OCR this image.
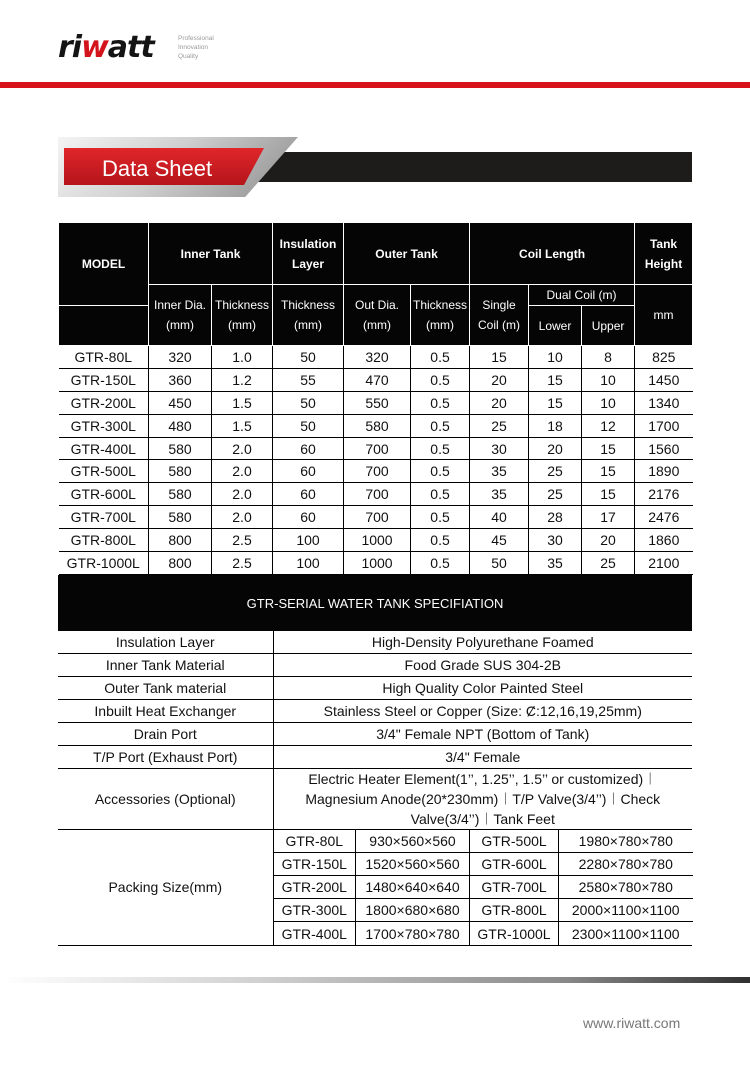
riwatt	Professional
Innovation
Quality
Data Sheet
MODEL	Inner Tank		Insulation Layer	Outer Tank		Coil Length			Tank Height
	Inner Dia. (mm)	Thickness (mm)	Thickness (mm)	Out Dia. (mm)	Thickness (mm)	Single Coil (m)	Dual Coil (m)		mm
							Lower	Upper	
GTR-80L	320	1.0	50	320	0.5	15	10	8	825
GTR-150L	360	1.2	55	470	0.5	20	15	10	1450
GTR-200L	450	1.5	50	550	0.5	20	15	10	1340
GTR-300L	480	1.5	50	580	0.5	25	18	12	1700
GTR-400L	580	2.0	60	700	0.5	30	20	15	1560
GTR-500L	580	2.0	60	700	0.5	35	25	15	1890
GTR-600L	580	2.0	60	700	0.5	35	25	15	2176
GTR-700L	580	2.0	60	700	0.5	40	28	17	2476
GTR-800L	800	2.5	100	1000	0.5	45	30	20	1860
GTR-1000L	800	2.5	100	1000	0.5	50	35	25	2100
GTR-SERIAL WATER TANK SPECIFIATION
Insulation Layer	High-Density Polyurethane Foamed
Inner Tank Material	Food Grade SUS 304-2B
Outer Tank material	High Quality Color Painted Steel
Inbuilt Heat Exchanger	Stainless Steel or Copper (Size: Ȼ:12,16,19,25mm)
Drain Port	3/4" Female NPT (Bottom of Tank)
T/P Port (Exhaust Port)	3/4" Female
Accessories (Optional)	Electric Heater Element(1’’, 1.25’’, 1.5’’ or customized)︱Magnesium Anode(20*230mm)︱T/P Valve(3/4’’)︱Check Valve(3/4’’)︱Tank Feet
Packing Size(mm)	
GTR-80L	930×560×560	GTR-500L	1980×780×780
GTR-150L	1520×560×560	GTR-600L	2280×780×780
GTR-200L	1480×640×640	GTR-700L	2580×780×780
GTR-300L	1800×680×680	GTR-800L	2000×1100×1100
GTR-400L	1700×780×780	GTR-1000L	2300×1100×1100
www.riwatt.com
